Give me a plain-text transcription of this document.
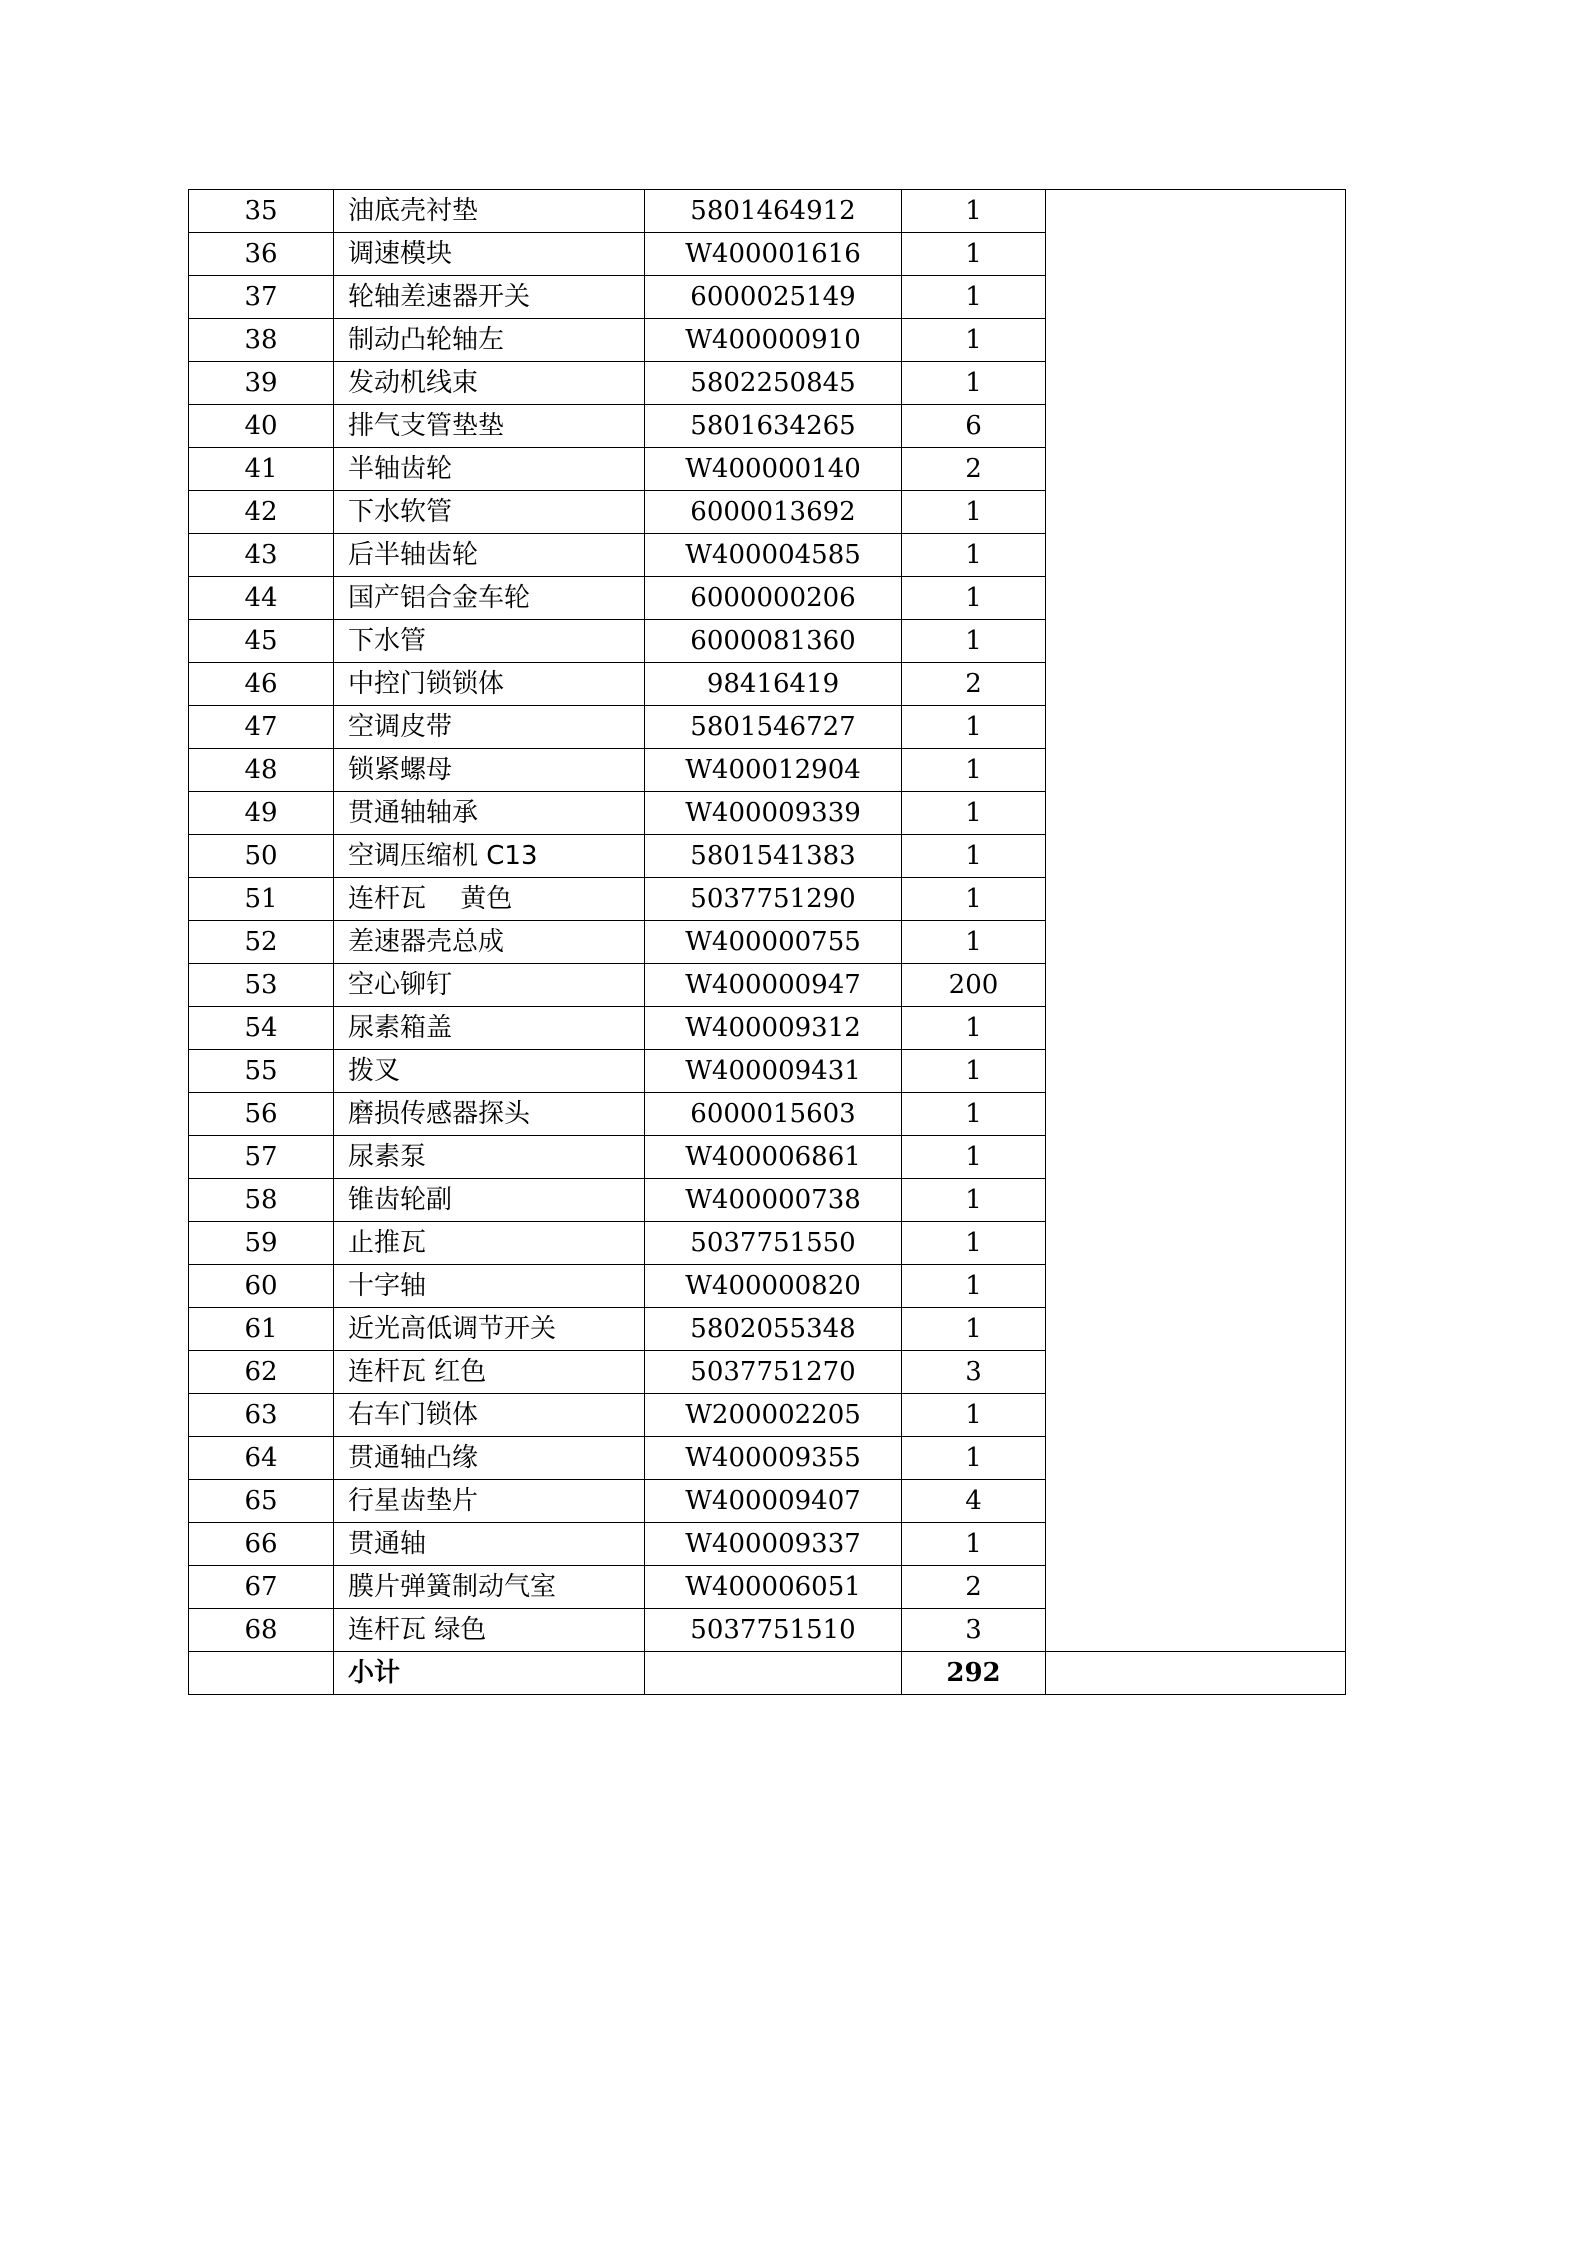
35	油底壳衬垫	5801464912	1	
36	调速模块	W400001616	1	
37	轮轴差速器开关	6000025149	1	
38	制动凸轮轴左	W400000910	1	
39	发动机线束	5802250845	1	
40	排气支管垫垫	5801634265	6	
41	半轴齿轮	W400000140	2	
42	下水软管	6000013692	1	
43	后半轴齿轮	W400004585	1	
44	国产铝合金车轮	6000000206	1	
45	下水管	6000081360	1	
46	中控门锁锁体	98416419	2	
47	空调皮带	5801546727	1	
48	锁紧螺母	W400012904	1	
49	贯通轴轴承	W400009339	1	
50	空调压缩机 C13	5801541383	1	
51	连杆瓦　 黄色	5037751290	1	
52	差速器壳总成	W400000755	1	
53	空心铆钉	W400000947	200	
54	尿素箱盖	W400009312	1	
55	拨叉	W400009431	1	
56	磨损传感器探头	6000015603	1	
57	尿素泵	W400006861	1	
58	锥齿轮副	W400000738	1	
59	止推瓦	5037751550	1	
60	十字轴	W400000820	1	
61	近光高低调节开关	5802055348	1	
62	连杆瓦 红色	5037751270	3	
63	右车门锁体	W200002205	1	
64	贯通轴凸缘	W400009355	1	
65	行星齿垫片	W400009407	4	
66	贯通轴	W400009337	1	
67	膜片弹簧制动气室	W400006051	2	
68	连杆瓦 绿色	5037751510	3	
	小计		292	
